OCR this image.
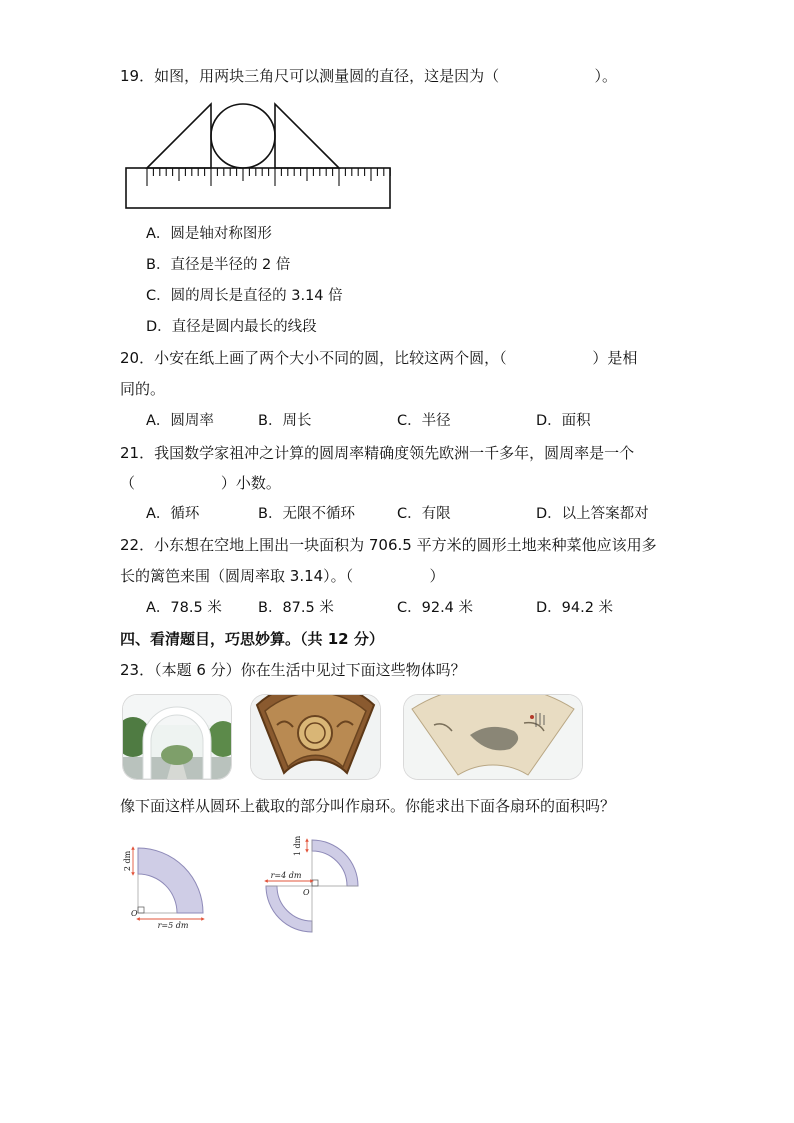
19．如图，用两块三角尺可以测量圆的直径，这是因为（                    ）。
A．圆是轴对称图形
B．直径是半径的 2 倍
C．圆的周长是直径的 3.14 倍
D．直径是圆内最长的线段
20．小安在纸上画了两个大小不同的圆，比较这两个圆，（                  ）是相
同的。
A．圆周率	B．周长	C．半径	D．面积
21．我国数学家祖冲之计算的圆周率精确度领先欧洲一千多年，圆周率是一个
（                  ）小数。
A．循环	B．无限不循环	C．有限	D．以上答案都对
22．小东想在空地上围出一块面积为 706.5 平方米的圆形土地来种菜他应该用多
长的篱笆来围（圆周率取 3.14）。（                ）
A．78.5 米 B．87.5 米	C．92.4 米	D．94.2 米
四、看清题目，巧思妙算。（共 12 分）
23．（本题 6 分）你在生活中见过下面这些物体吗？
像下面这样从圆环上截取的部分叫作扇环。你能求出下面各扇环的面积吗？
2 dm
r=5 dm
O
1 dm
r=4 dm
O
